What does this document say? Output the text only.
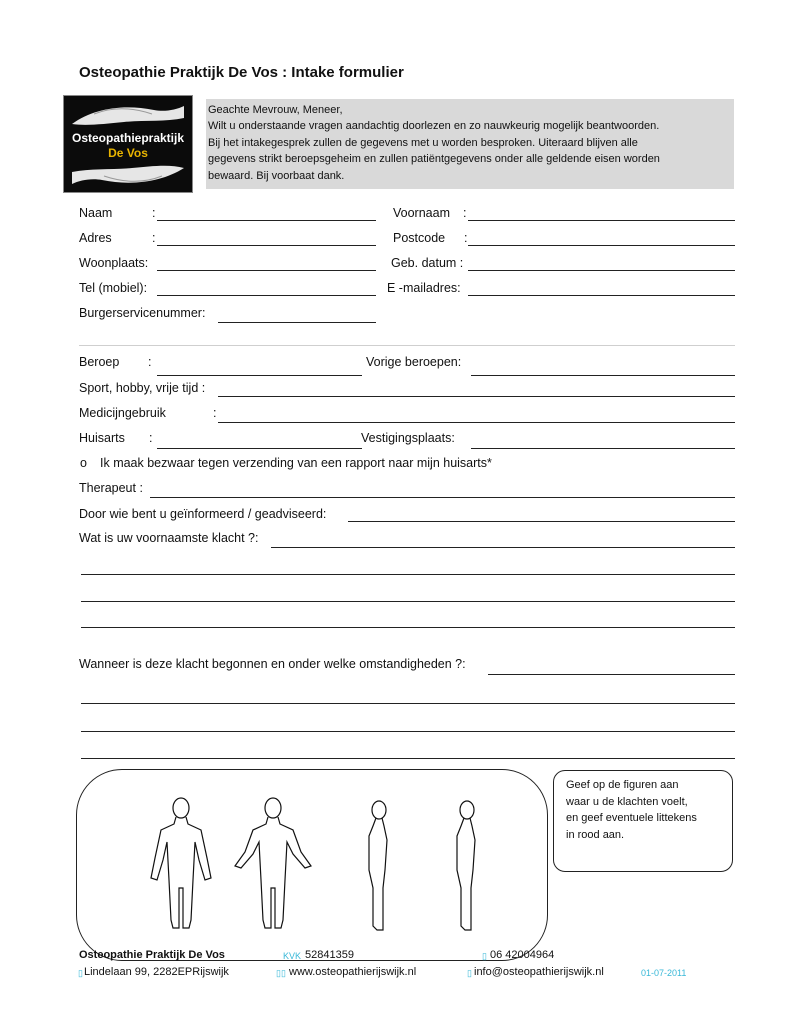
Osteopathie Praktijk De Vos : Intake formulier
Osteopathiepraktijk
De Vos
Geachte Mevrouw, Meneer,
Wilt u onderstaande vragen aandachtig doorlezen en zo nauwkeurig mogelijk beantwoorden.
Bij het intakegesprek zullen de gegevens met u worden besproken. Uiteraard blijven alle
gegevens strikt beroepsgeheim en zullen patiëntgegevens onder alle geldende eisen worden
bewaard. Bij voorbaat dank.
Naam	:	Voornaam :
Adres	:	Postcode :
Woonplaats:	Geb. datum :
Tel (mobiel):	E -mailadres:
Burgerservicenummer:
Beroep :	Vorige beroepen:
Sport, hobby, vrije tijd :
Medicijngebruik	:
Huisarts :	Vestigingsplaats:
o Ik maak bezwaar tegen verzending van een rapport naar mijn huisarts*
Therapeut :
Door wie bent u geïnformeerd / geadviseerd:
Wat is uw voornaamste klacht ?:
Wanneer is deze klacht begonnen en onder welke omstandigheden ?:
Geef op de figuren aan
waar u de klachten voelt,
en geef eventuele littekens
in rood aan.
Osteopathie Praktijk De Vos	KVK 52841359	▯ 06 42004964
▯ Lindelaan 99, 2282EPRijswijk	▯ ▯ www.osteopathierijswijk.nl	▯ info@osteopathierijswijk.nl	01-07-2011
